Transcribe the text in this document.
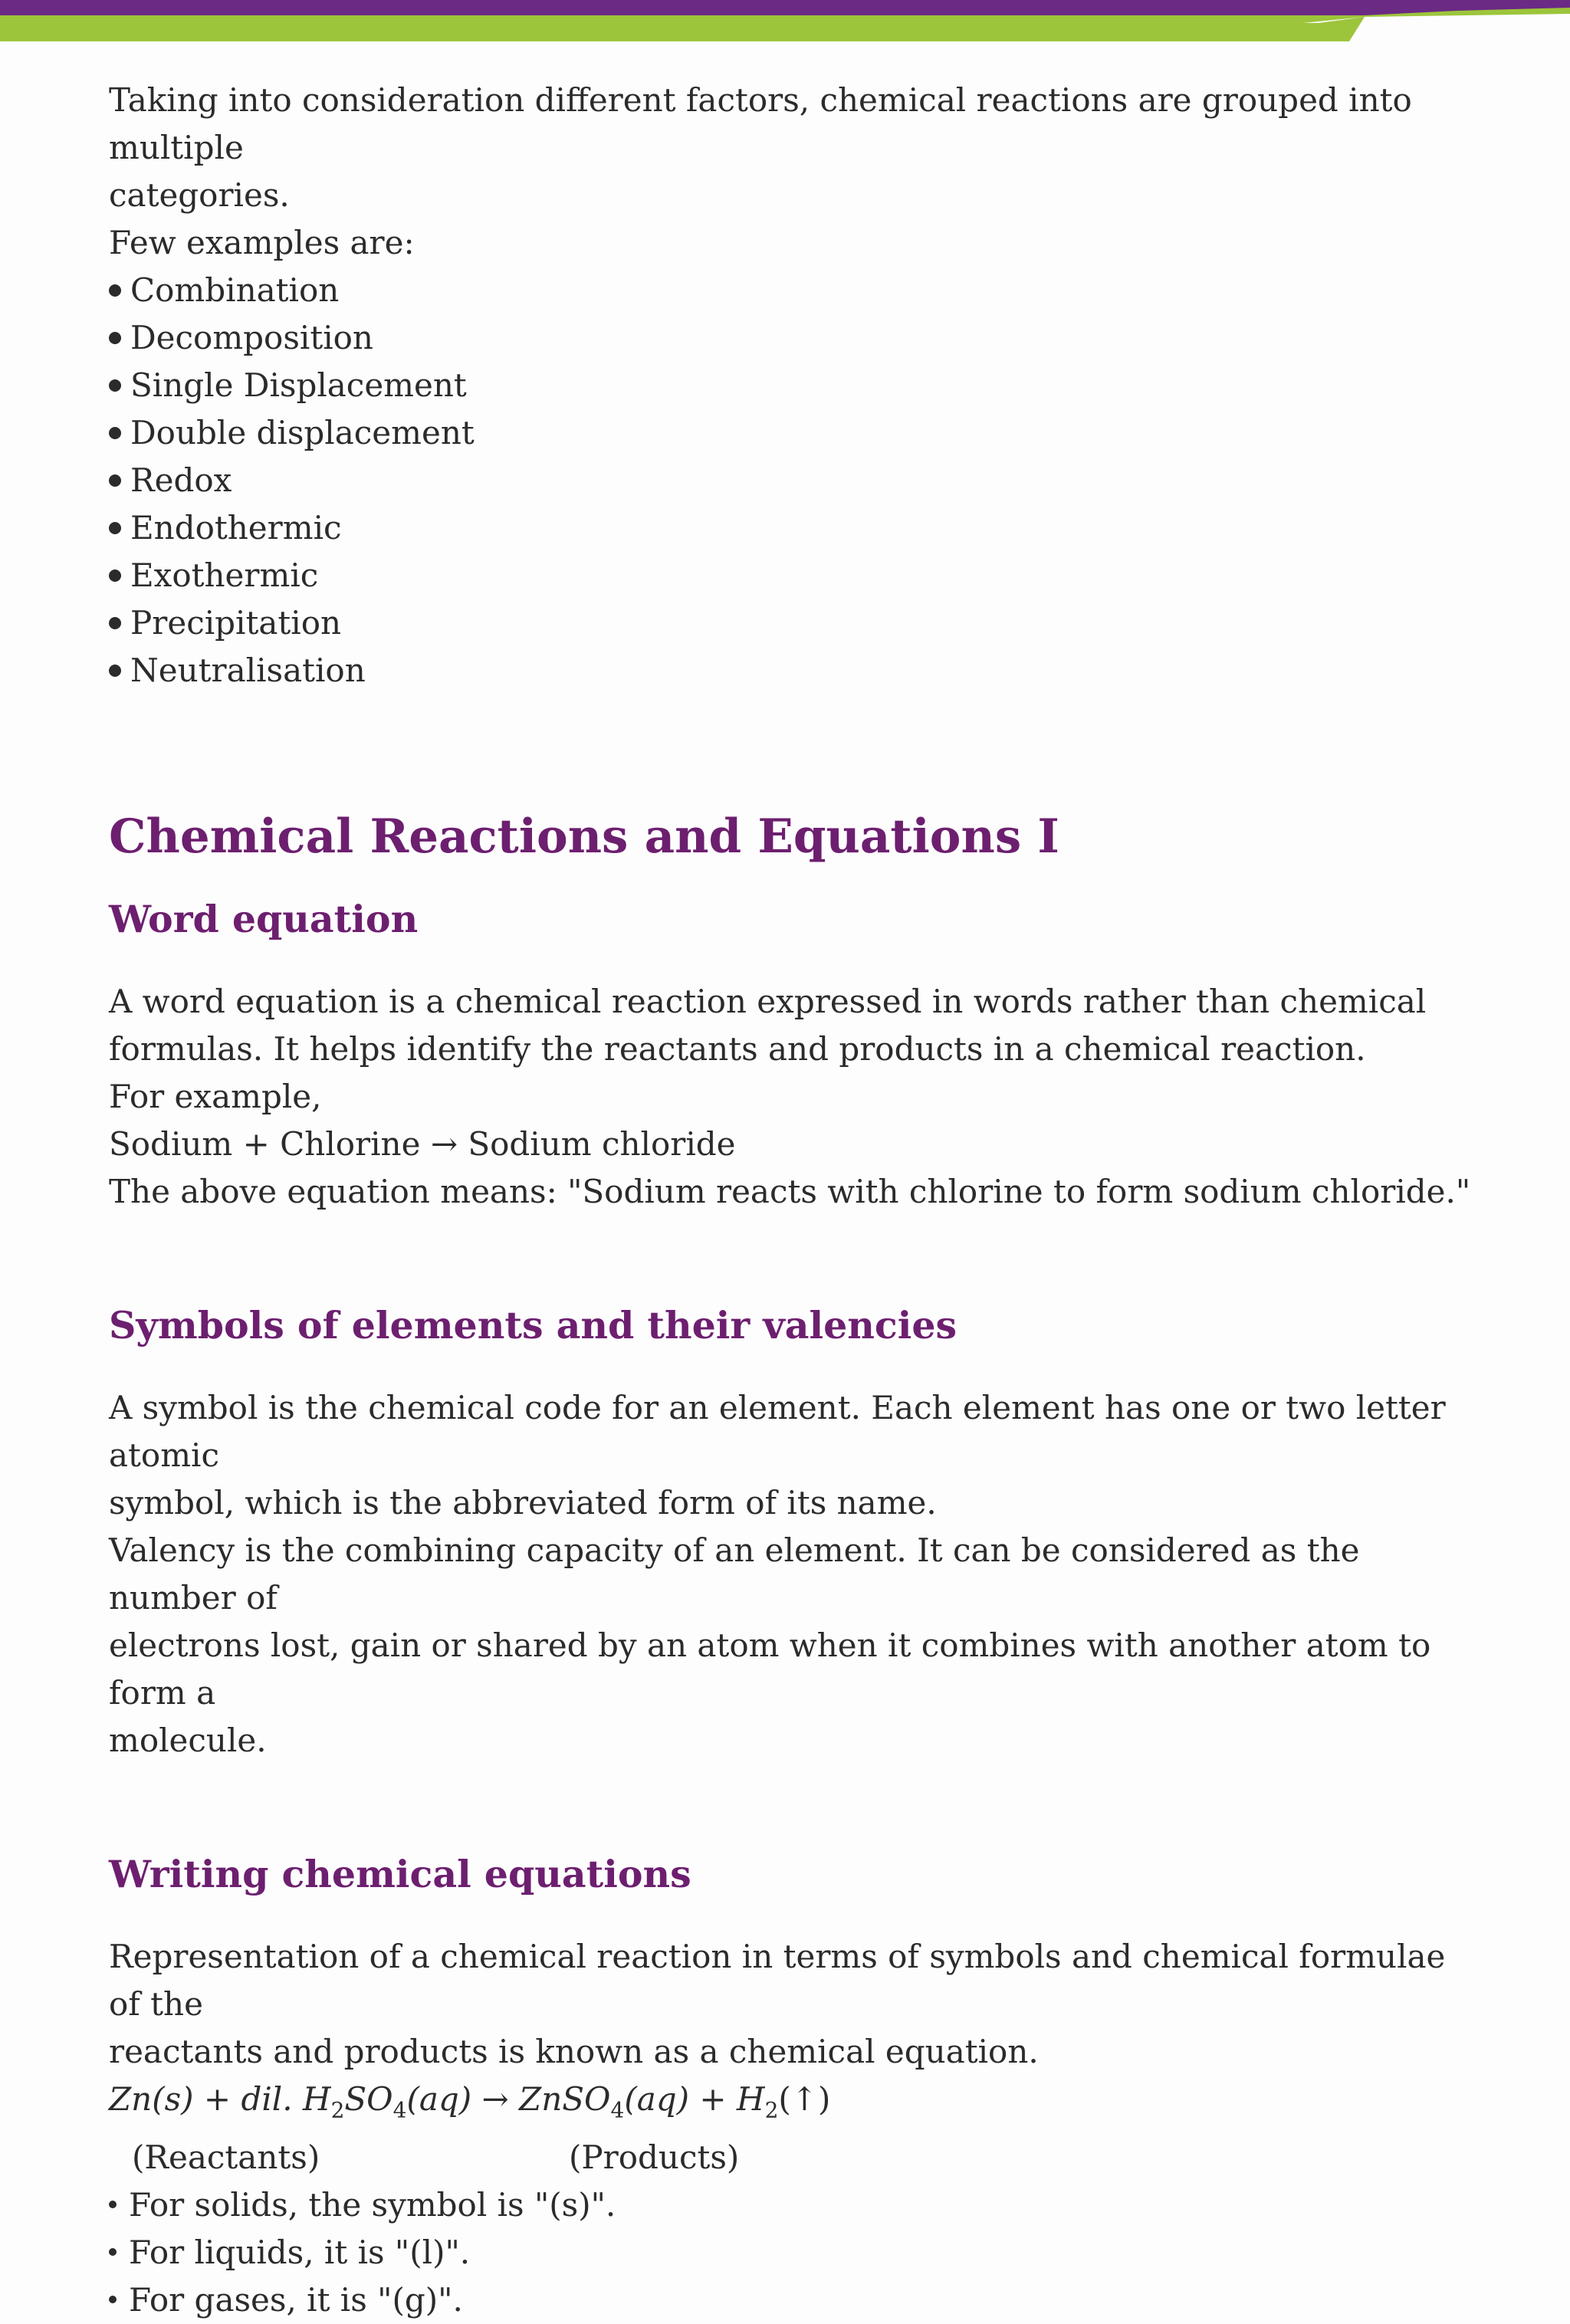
Taking into consideration different factors, chemical reactions are grouped into multiple

categories.

Few examples are:

Combination
Decomposition
Single Displacement
Double displacement
Redox
Endothermic
Exothermic
Precipitation
Neutralisation
Chemical Reactions and Equations I
Word equation

A word equation is a chemical reaction expressed in words rather than chemical

formulas. It helps identify the reactants and products in a chemical reaction.

For example,

Sodium + Chlorine → Sodium chloride

The above equation means: "Sodium reacts with chlorine to form sodium chloride."

Symbols of elements and their valencies

A symbol is the chemical code for an element. Each element has one or two letter atomic

symbol, which is the abbreviated form of its name.

Valency is the combining capacity of an element. It can be considered as the number of

electrons lost, gain or shared by an atom when it combines with another atom to form a

molecule.

Writing chemical equations

Representation of a chemical reaction in terms of symbols and chemical formulae of the

reactants and products is known as a chemical equation.

Zn(s) + dil. $H_2SO_4(aq)$ → ZnSO$_4$(aq) + $H_2(↑)$
(Reactants)	(Products)
For solids, the symbol is "(s)".
For liquids, it is "(l)".
For gases, it is "(g)".
